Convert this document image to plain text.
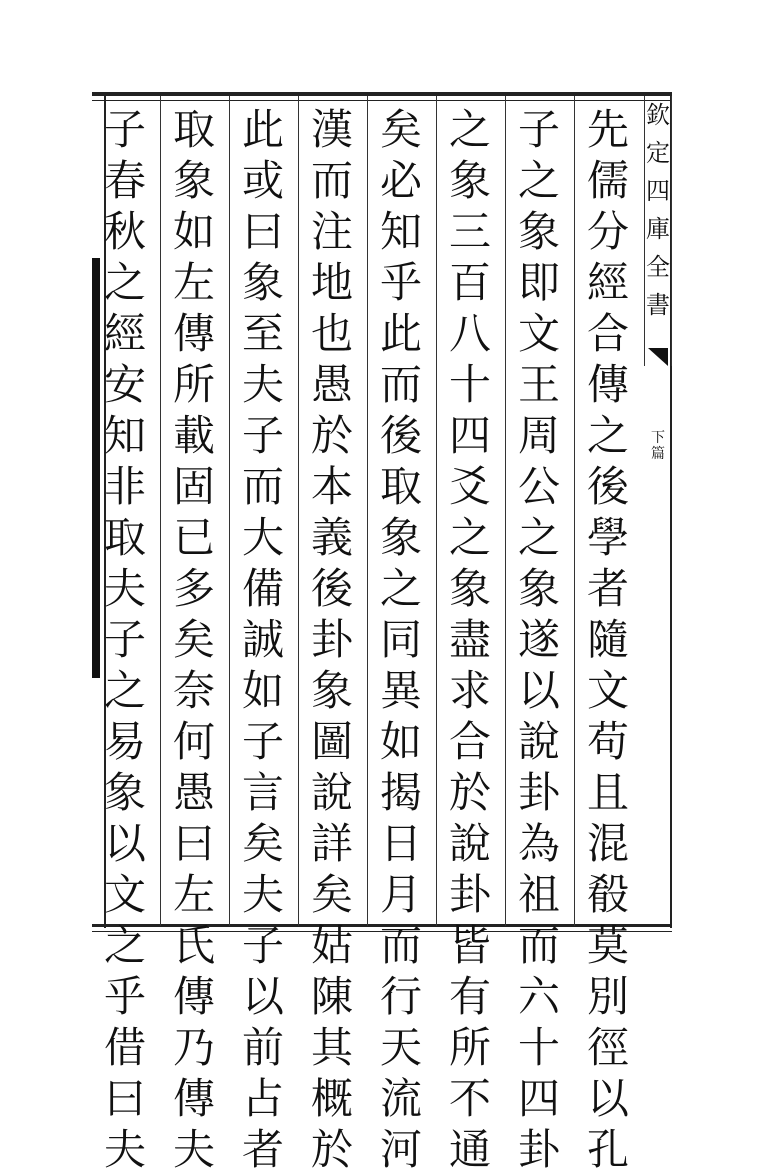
先
儒
分
經
合
傳
之
後
學
者
隨
文
苟
且
混
殽
莫
別
徑
以
孔
子
之
象
即
文
王
周
公
之
象
遂
以
說
卦
為
祖
而
六
十
四
卦
之
象
三
百
八
十
四
爻
之
象
盡
求
合
於
說
卦
皆
有
所
不
通
矣
必
知
乎
此
而
後
取
象
之
同
異
如
揭
日
月
而
行
天
流
河
漢
而
注
地
也
愚
於
本
義
後
卦
象
圖
說
詳
矣
姑
陳
其
概
於
此
或
曰
象
至
夫
子
而
大
備
誠
如
子
言
矣
夫
子
以
前
占
者
取
象
如
左
傳
所
載
固
已
多
矣
奈
何
愚
曰
左
氏
傳
乃
傳
夫
子
春
秋
之
經
安
知
非
取
夫
子
之
易
象
以
文
之
乎
借
曰
夫
欽
定
四
庫
全
書
下
篇
